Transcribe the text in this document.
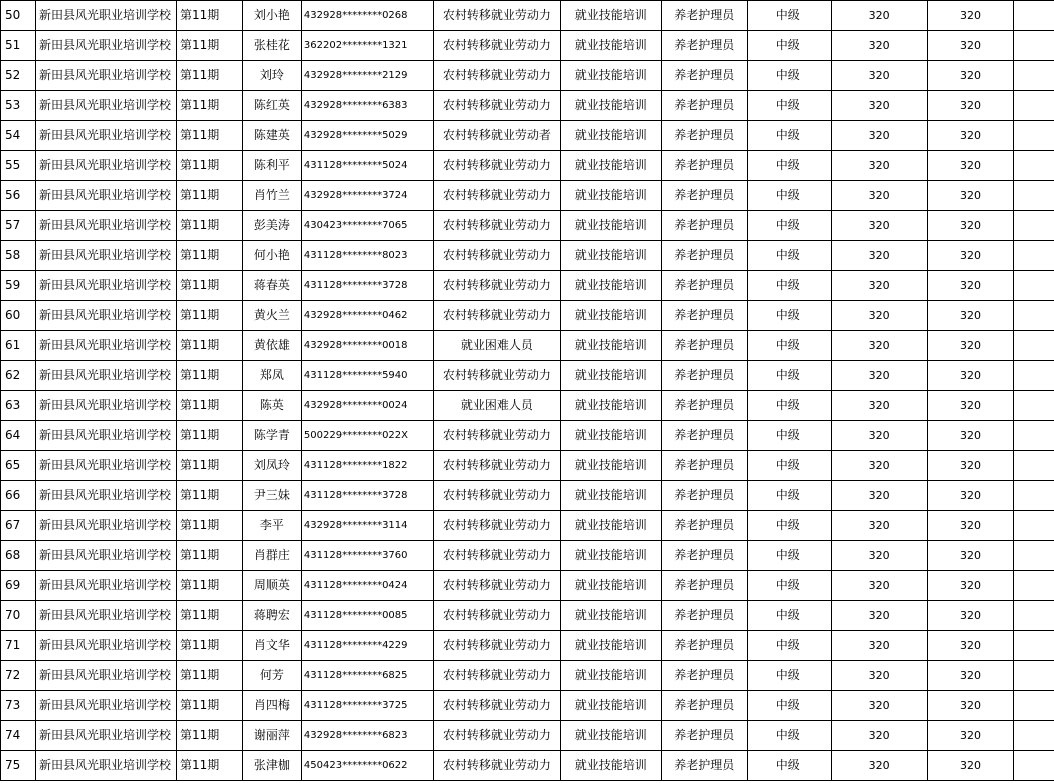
50	新田县风光职业培训学校	第11期	刘小艳	432928********0268	农村转移就业劳动力	就业技能培训	养老护理员	中级	320	320	
51	新田县风光职业培训学校	第11期	张桂花	362202********1321	农村转移就业劳动力	就业技能培训	养老护理员	中级	320	320	
52	新田县风光职业培训学校	第11期	刘玲	432928********2129	农村转移就业劳动力	就业技能培训	养老护理员	中级	320	320	
53	新田县风光职业培训学校	第11期	陈红英	432928********6383	农村转移就业劳动力	就业技能培训	养老护理员	中级	320	320	
54	新田县风光职业培训学校	第11期	陈建英	432928********5029	农村转移就业劳动者	就业技能培训	养老护理员	中级	320	320	
55	新田县风光职业培训学校	第11期	陈利平	431128********5024	农村转移就业劳动力	就业技能培训	养老护理员	中级	320	320	
56	新田县风光职业培训学校	第11期	肖竹兰	432928********3724	农村转移就业劳动力	就业技能培训	养老护理员	中级	320	320	
57	新田县风光职业培训学校	第11期	彭美涛	430423********7065	农村转移就业劳动力	就业技能培训	养老护理员	中级	320	320	
58	新田县风光职业培训学校	第11期	何小艳	431128********8023	农村转移就业劳动力	就业技能培训	养老护理员	中级	320	320	
59	新田县风光职业培训学校	第11期	蒋春英	431128********3728	农村转移就业劳动力	就业技能培训	养老护理员	中级	320	320	
60	新田县风光职业培训学校	第11期	黄火兰	432928********0462	农村转移就业劳动力	就业技能培训	养老护理员	中级	320	320	
61	新田县风光职业培训学校	第11期	黄依雄	432928********0018	就业困难人员	就业技能培训	养老护理员	中级	320	320	
62	新田县风光职业培训学校	第11期	郑凤	431128********5940	农村转移就业劳动力	就业技能培训	养老护理员	中级	320	320	
63	新田县风光职业培训学校	第11期	陈英	432928********0024	就业困难人员	就业技能培训	养老护理员	中级	320	320	
64	新田县风光职业培训学校	第11期	陈学青	500229********022X	农村转移就业劳动力	就业技能培训	养老护理员	中级	320	320	
65	新田县风光职业培训学校	第11期	刘凤玲	431128********1822	农村转移就业劳动力	就业技能培训	养老护理员	中级	320	320	
66	新田县风光职业培训学校	第11期	尹三妹	431128********3728	农村转移就业劳动力	就业技能培训	养老护理员	中级	320	320	
67	新田县风光职业培训学校	第11期	李平	432928********3114	农村转移就业劳动力	就业技能培训	养老护理员	中级	320	320	
68	新田县风光职业培训学校	第11期	肖群庄	431128********3760	农村转移就业劳动力	就业技能培训	养老护理员	中级	320	320	
69	新田县风光职业培训学校	第11期	周顺英	431128********0424	农村转移就业劳动力	就业技能培训	养老护理员	中级	320	320	
70	新田县风光职业培训学校	第11期	蒋聘宏	431128********0085	农村转移就业劳动力	就业技能培训	养老护理员	中级	320	320	
71	新田县风光职业培训学校	第11期	肖文华	431128********4229	农村转移就业劳动力	就业技能培训	养老护理员	中级	320	320	
72	新田县风光职业培训学校	第11期	何芳	431128********6825	农村转移就业劳动力	就业技能培训	养老护理员	中级	320	320	
73	新田县风光职业培训学校	第11期	肖四梅	431128********3725	农村转移就业劳动力	就业技能培训	养老护理员	中级	320	320	
74	新田县风光职业培训学校	第11期	谢丽萍	432928********6823	农村转移就业劳动力	就业技能培训	养老护理员	中级	320	320	
75	新田县风光职业培训学校	第11期	张津枷	450423********0622	农村转移就业劳动力	就业技能培训	养老护理员	中级	320	320	
